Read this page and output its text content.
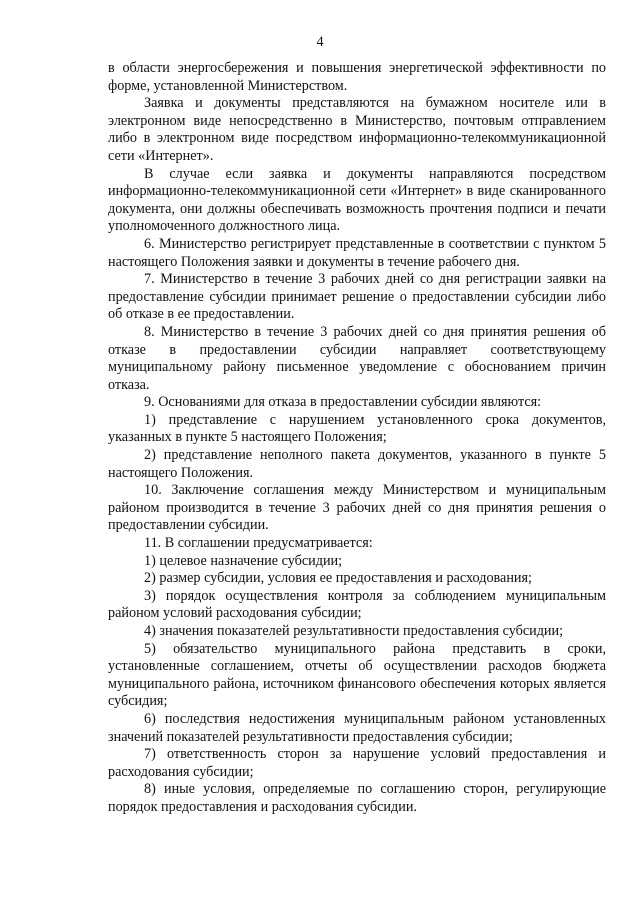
4

в области энергосбережения и повышения энергетической эффективности по форме, установленной Министерством.

Заявка и документы представляются на бумажном носителе или в электронном виде непосредственно в Министерство, почтовым отправлением либо в электронном виде посредством информационно-телекоммуникационной сети «Интернет».

В случае если заявка и документы направляются посредством информационно-телекоммуникационной сети «Интернет» в виде сканированного документа, они должны обеспечивать возможность прочтения подписи и печати уполномоченного должностного лица.

6. Министерство регистрирует представленные в соответствии с пунктом 5 настоящего Положения заявки и документы в течение рабочего дня.

7. Министерство в течение 3 рабочих дней со дня регистрации заявки на предоставление субсидии принимает решение о предоставлении субсидии либо об отказе в ее предоставлении.

8. Министерство в течение 3 рабочих дней со дня принятия решения об отказе в предоставлении субсидии направляет соответствующему муниципальному району письменное уведомление с обоснованием причин отказа.

9. Основаниями для отказа в предоставлении субсидии являются:

1) представление с нарушением установленного срока документов, указанных в пункте 5 настоящего Положения;

2) представление неполного пакета документов, указанного в пункте 5 настоящего Положения.

10. Заключение соглашения между Министерством и муниципальным районом производится в течение 3 рабочих дней со дня принятия решения о предоставлении субсидии.

11. В соглашении предусматривается:

1) целевое назначение субсидии;

2) размер субсидии, условия ее предоставления и расходования;

3) порядок осуществления контроля за соблюдением муниципальным районом условий расходования субсидии;

4) значения показателей результативности предоставления субсидии;

5) обязательство муниципального района представить в сроки, установленные соглашением, отчеты об осуществлении расходов бюджета муниципального района, источником финансового обеспечения которых является субсидия;

6) последствия недостижения муниципальным районом установленных значений показателей результативности предоставления субсидии;

7) ответственность сторон за нарушение условий предоставления и расходования субсидии;

8) иные условия, определяемые по соглашению сторон, регулирующие порядок предоставления и расходования субсидии.
